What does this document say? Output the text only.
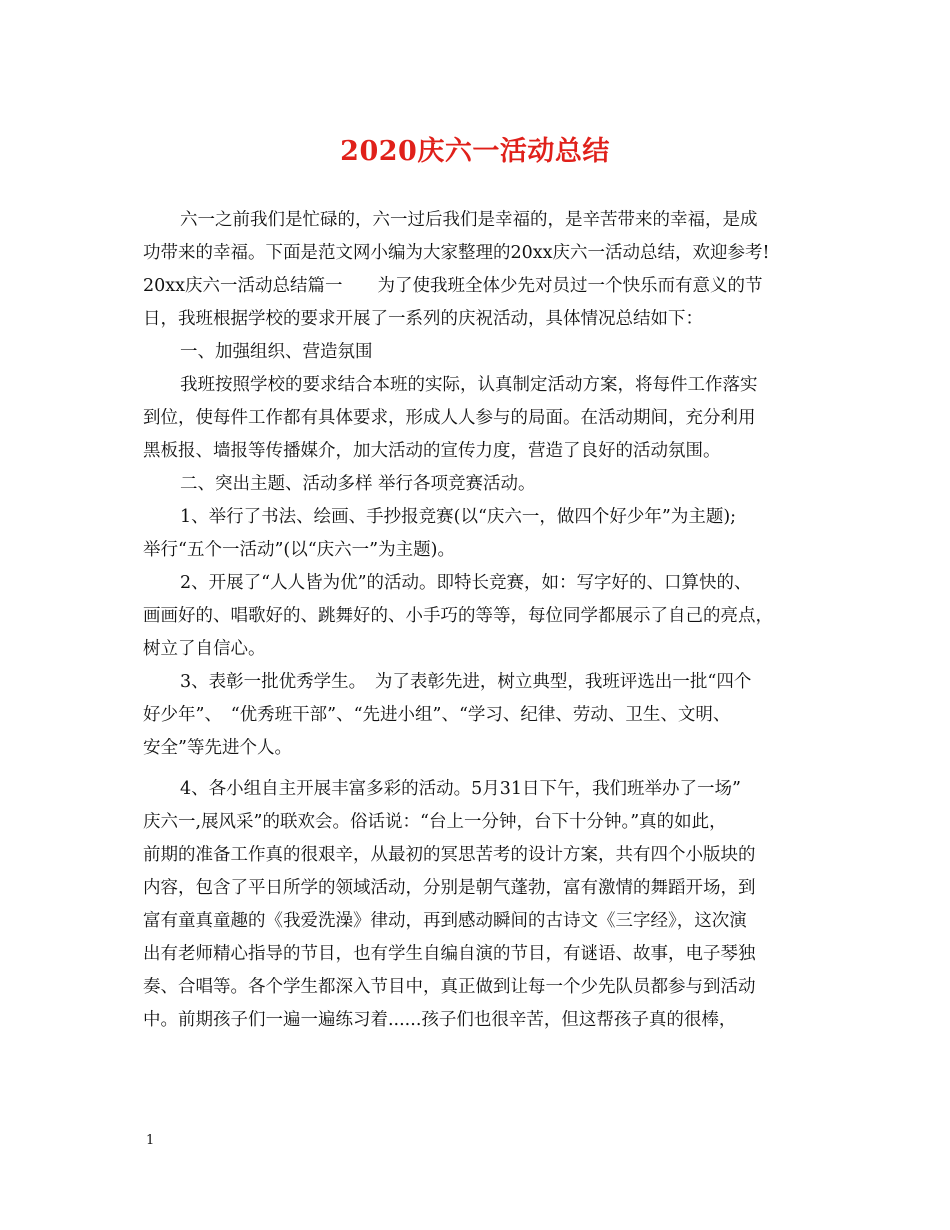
2020庆六一活动总结
六一之前我们是忙碌的，六一过后我们是幸福的，是辛苦带来的幸福，是成
功带来的幸福。下面是范文网小编为大家整理的20xx庆六一活动总结，欢迎参考!
20xx庆六一活动总结篇一　　为了使我班全体少先对员过一个快乐而有意义的节
日，我班根据学校的要求开展了一系列的庆祝活动，具体情况总结如下：
一、加强组织、营造氛围
我班按照学校的要求结合本班的实际，认真制定活动方案，将每件工作落实
到位，使每件工作都有具体要求，形成人人参与的局面。在活动期间，充分利用
黑板报、墙报等传播媒介，加大活动的宣传力度，营造了良好的活动氛围。
二、突出主题、活动多样 举行各项竞赛活动。
1、举行了书法、绘画、手抄报竞赛(以“庆六一，做四个好少年”为主题);
举行“五个一活动”(以“庆六一”为主题)。
2、开展了“人人皆为优”的活动。即特长竞赛，如：写字好的、口算快的、
画画好的、唱歌好的、跳舞好的、小手巧的等等，每位同学都展示了自己的亮点，
树立了自信心。
3、表彰一批优秀学生。　为了表彰先进，树立典型，我班评选出一批“四个
好少年”、　“优秀班干部”、“先进小组”、“学习、纪律、劳动、卫生、文明、
安全”等先进个人。
4、各小组自主开展丰富多彩的活动。5月31日下午，我们班举办了一场”
庆六一,展风采”的联欢会。俗话说：“台上一分钟，台下十分钟。”真的如此，
前期的准备工作真的很艰辛，从最初的冥思苦考的设计方案，共有四个小版块的
内容，包含了平日所学的领域活动，分别是朝气蓬勃，富有激情的舞蹈开场，到
富有童真童趣的《我爱洗澡》律动，再到感动瞬间的古诗文《三字经》，这次演
出有老师精心指导的节目，也有学生自编自演的节目，有谜语、故事，电子琴独
奏、合唱等。各个学生都深入节目中，真正做到让每一个少先队员都参与到活动
中。前期孩子们一遍一遍练习着......孩子们也很辛苦，但这帮孩子真的很棒，
1
